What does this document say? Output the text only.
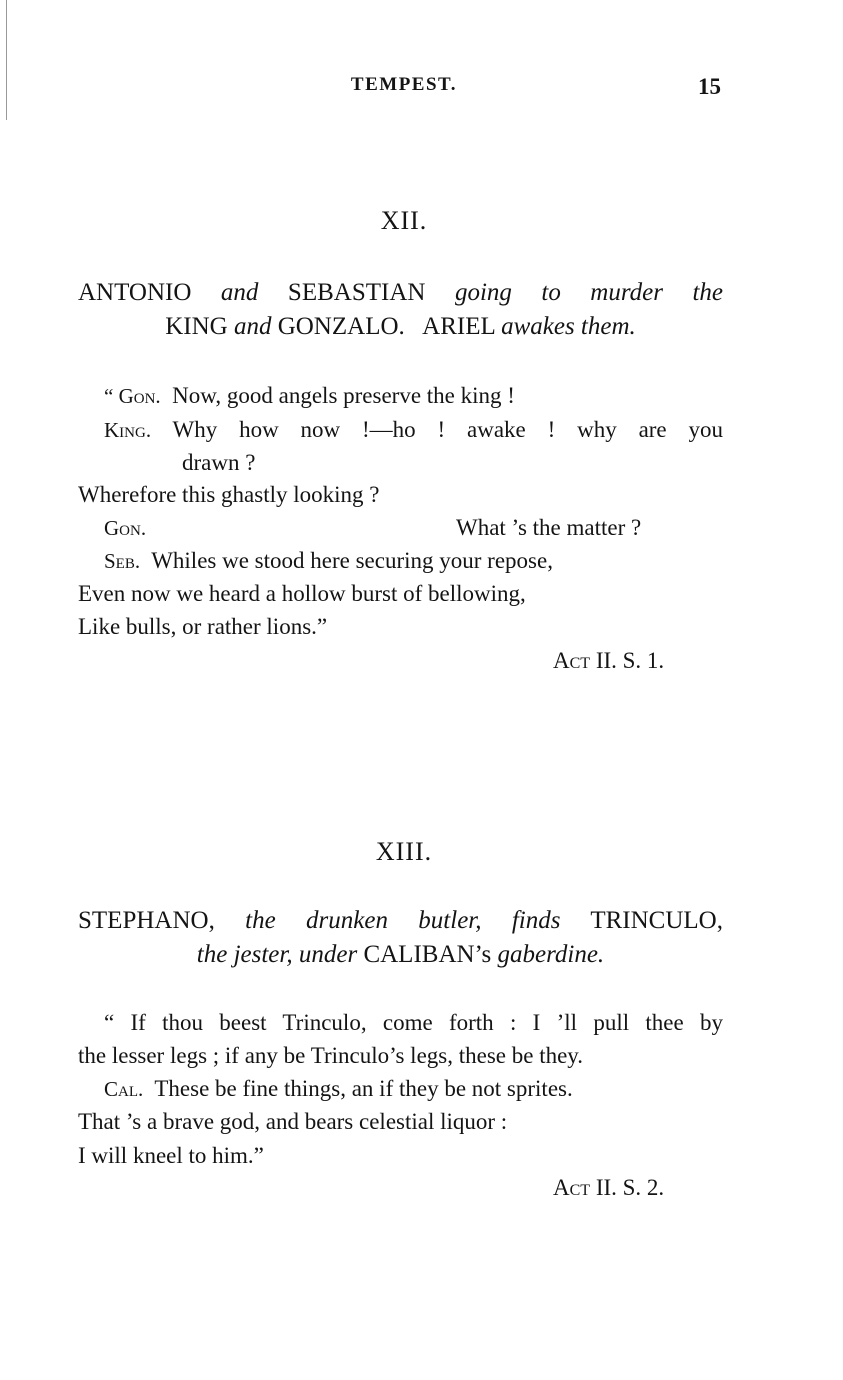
TEMPEST.	15
XII.
ANTONIO and SEBASTIAN going to murder the
KING and GONZALO. ARIEL awakes them.
“ Gon. Now, good angels preserve the king !
King. Why how now !—ho ! awake ! why are you
drawn ?
Wherefore this ghastly looking ?
Gon.	What ’s the matter ?
Seb. Whiles we stood here securing your repose,
Even now we heard a hollow burst of bellowing,
Like bulls, or rather lions.”
Act II. S. 1.
XIII.
STEPHANO, the drunken butler, finds TRINCULO,
the jester, under CALIBAN’s gaberdine.
“ If thou beest Trinculo, come forth : I ’ll pull thee by
the lesser legs ; if any be Trinculo’s legs, these be they.
Cal. These be fine things, an if they be not sprites.
That ’s a brave god, and bears celestial liquor :
I will kneel to him.”
Act II. S. 2.
